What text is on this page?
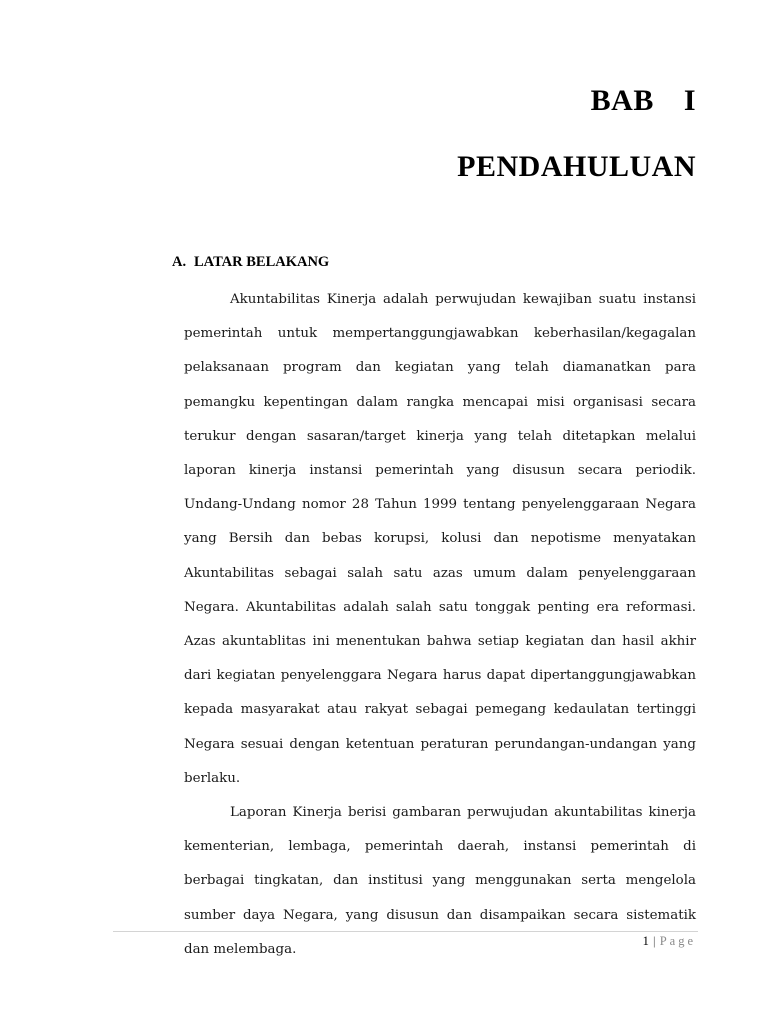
BAB I
PENDAHULUAN
A. LATAR BELAKANG

Akuntabilitas Kinerja adalah perwujudan kewajiban suatu instansi pemerintah untuk mempertanggungjawabkan keberhasilan/kegagalan pelaksanaan program dan kegiatan yang telah diamanatkan para pemangku kepentingan dalam rangka mencapai misi organisasi secara terukur dengan sasaran/target kinerja yang telah ditetapkan melalui laporan kinerja instansi pemerintah yang disusun secara periodik. Undang-Undang nomor 28 Tahun 1999 tentang penyelenggaraan Negara yang Bersih dan bebas korupsi, kolusi dan nepotisme menyatakan Akuntabilitas sebagai salah satu azas umum dalam penyelenggaraan Negara. Akuntabilitas adalah salah satu tonggak penting era reformasi. Azas akuntablitas ini menentukan bahwa setiap kegiatan dan hasil akhir dari kegiatan penyelenggara Negara harus dapat dipertanggungjawabkan kepada masyarakat atau rakyat sebagai pemegang kedaulatan tertinggi Negara sesuai dengan ketentuan peraturan perundangan-undangan yang berlaku.

Laporan Kinerja berisi gambaran perwujudan akuntabilitas kinerja kementerian, lembaga, pemerintah daerah, instansi pemerintah di berbagai tingkatan, dan institusi yang menggunakan serta mengelola sumber daya Negara, yang disusun dan disampaikan secara sistematik dan melembaga.

1 | Page
